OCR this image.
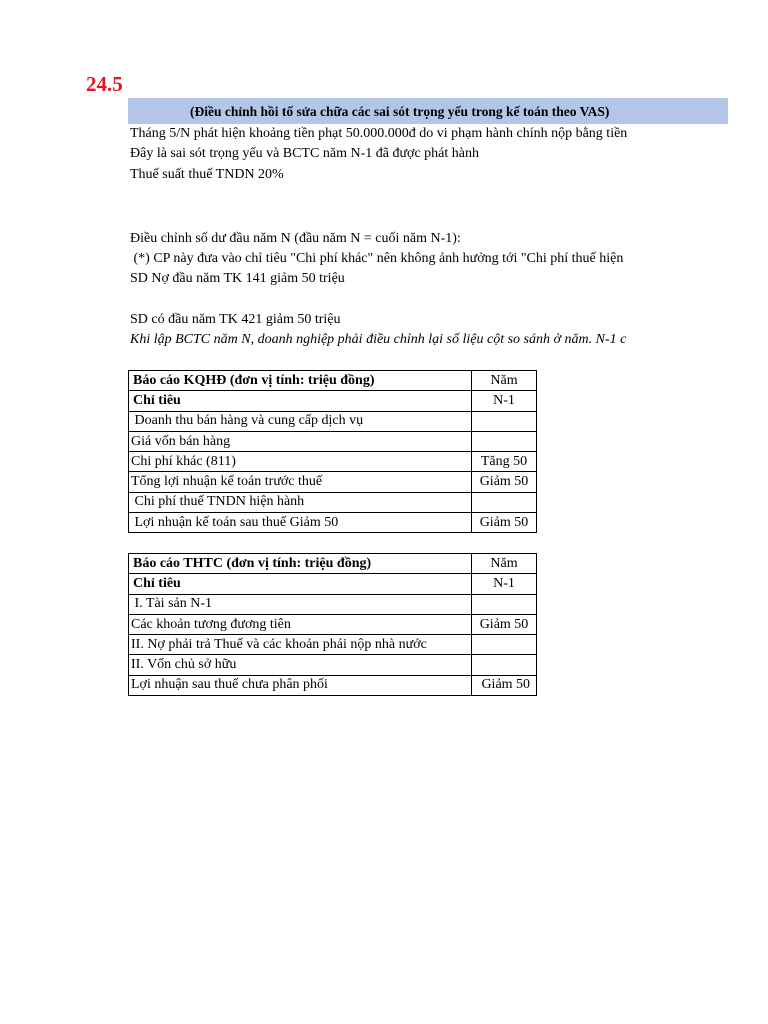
24.5
(Điều chỉnh hồi tố sửa chữa các sai sót trọng yếu trong kế toán theo VAS)
Tháng 5/N phát hiện khoảng tiền phạt 50.000.000đ do vi phạm hành chính nộp bằng tiền
Đây là sai sót trọng yếu và BCTC năm N-1 đã được phát hành
Thuế suất thuế TNDN 20%
Điều chỉnh số dư đầu năm N (đầu năm N = cuối năm N-1):
(*) CP này đưa vào chỉ tiêu "Chi phí khác" nên không ảnh hưởng tới "Chi phí thuế hiện
SD Nợ đầu năm TK 141 giảm 50 triệu
SD có đầu năm TK 421 giảm 50 triệu
Khi lập BCTC năm N, doanh nghiệp phải điều chỉnh lại số liệu cột so sánh ở năm. N-1 c
Báo cáo KQHĐ (đơn vị tính: triệu đồng)	Năm
Chỉ tiêu	N-1
Doanh thu bán hàng và cung cấp dịch vụ	
Giá vốn bán hàng	
Chi phí khác (811)	Tăng 50
Tổng lợi nhuận kế toán trước thuế	Giảm 50
Chi phí thuế TNDN hiện hành	
Lợi nhuận kế toán sau thuế Giảm 50	Giảm 50
Báo cáo THTC (đơn vị tính: triệu đồng)	Năm
Chỉ tiêu	N-1
I. Tài sản N-1	
Các khoản tương đương tiên	Giảm 50
II. Nợ phải trả Thuế và các khoản phải nộp nhà nước	
II. Vốn chủ sở hữu	
Lợi nhuận sau thuế chưa phân phối	Giảm 50
